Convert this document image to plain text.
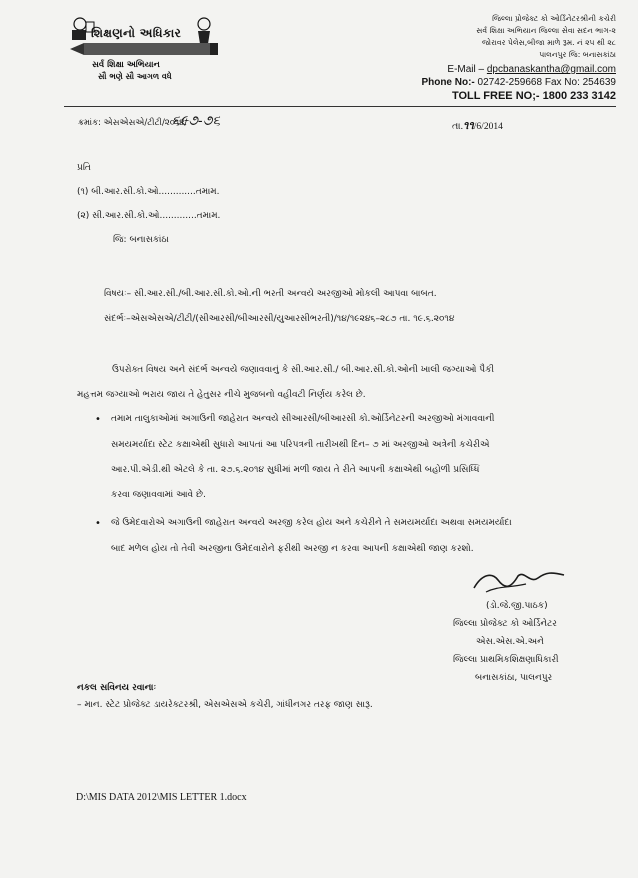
શિક્ષણનો અધિકાર
સર્વ શિક્ષા અભિયાન
સૌ ભણે સૌ આગળ વધે
જિલ્લા પ્રોજેક્ટ કો ઓર્ડિનેટરશ્રીની કચેરી
સર્વ શિક્ષા અભિયાન જિલ્લા સેવા સદન ભાગ-૨
જોરાવર પેલેસ,બીજા માળે રૂમ. નં ૨૫ થી ૨૮
પાલનપુર જિ: બનાસકાંઠા
E-Mail – dpcbanaskantha@gmail.com
Phone No:- 02742-259668 Fax No: 254639
TOLL FREE NO;- 1800 233 3142
ક્રમાંક: એસએસએ/ટીટી/૨૦૧૪/
૬૯૭-૭૬	તા.૧૧/6/2014
પ્રતિ
(૧) બી.આર.સી.કો.ઓ.............તમામ.
(૨) સી.આર.સી.કો.ઓ.............તમામ.
જિ: બનાસકાંઠા
વિષયઃ– સી.આર.સી./બી.આર.સી.કો.ઓ.ની ભરતી અન્વયે અરજીઓ મોકલી આપવા બાબત.
સંદર્ભઃ–એસએસએ/ટીટી/(સીઆરસી/બીઆરસી/યુઆરસીભરતી)/૧૪/૧૯૨૪૬–૨૮૭ તા. ૧૯.૬.૨૦૧૪
ઉપરોક્ત વિષય અને સંદર્ભ અન્વયે જણાવવાનું કે સી.આર.સી./ બી.આર.સી.કો.ઓની ખાલી જગ્યાઓ પૈકી
મહત્તમ જગ્યાઓ ભરાય જાય તે હેતુસર નીચે મુજબનો વહીવટી નિર્ણય કરેલ છે.
• તમામ તાલુકાઓમાં અગાઉની જાહેરાત અન્વયે સીઆરસી/બીઆરસી કો.ઓર્ડિનેટરની અરજીઓ મંગાવવાની
સમયમર્યાદા સ્ટેટ કક્ષાએથી સુધારો આપતાં આ પરિપત્રની તારીખથી દિન– ૭ માં અરજીઓ અત્રેની કચેરીએ
આર.પી.એડી.થી એટલે કે તા. ૨૭.૬.૨૦૧૪ સુધીમાં મળી જાય તે રીતે આપની કક્ષાએથી બહોળી પ્રસિધ્ધિ
કરવા જણાવવામાં આવે છે.
• જે ઉમેદવારોએ અગાઉની જાહેરાત અન્વયે અરજી કરેલ હોય અને કચેરીને તે સમયમર્યાદા અથવા સમયમર્યાદા
બાદ મળેલ હોય તો તેવી અરજીના ઉમેદવારોને ફરીથી અરજી ન કરવા આપની કક્ષાએથી જાણ કરશો.
(ડો.જે.જી.પાઠક)
જિલ્લા પ્રોજેક્ટ કો ઓર્ડિનેટર
એસ.એસ.એ.અને
જિલ્લા પ્રાથમિકશિક્ષણાધિકારી
બનાસકાંઠા, પાલનપુર
નકલ સવિનય રવાનાઃ
– માન. સ્ટેટ પ્રોજેક્ટ ડાયરેક્ટરશ્રી, એસએસએ કચેરી, ગાંધીનગર તરફ જાણ સારૂ.
D:\MIS DATA 2012\MIS LETTER 1.docx
